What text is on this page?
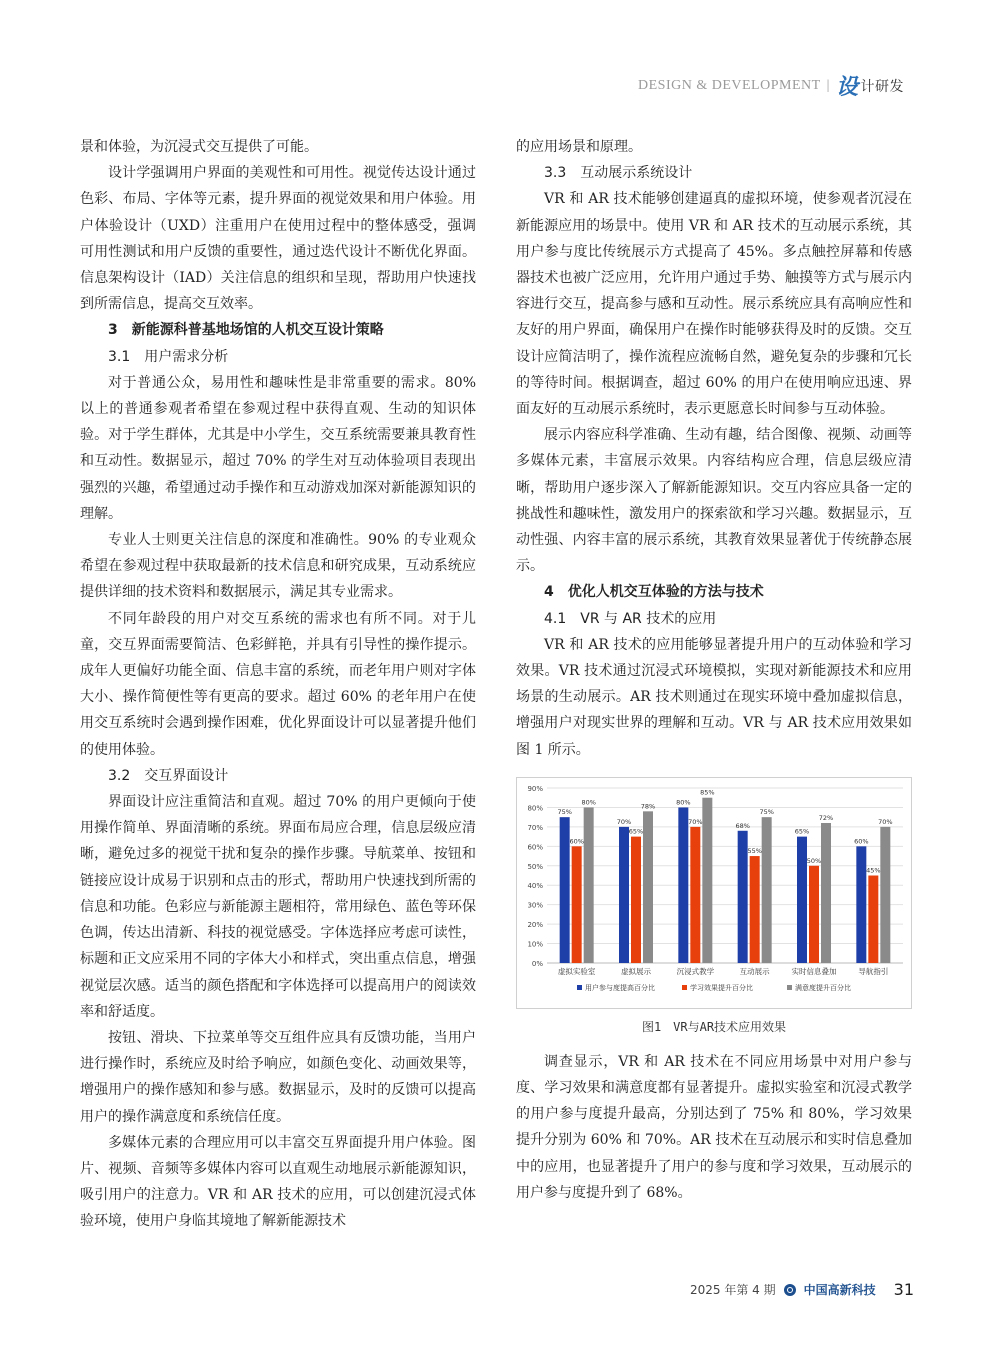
DESIGN & DEVELOPMENT | 设 计研发

景和体验，为沉浸式交互提供了可能。

设计学强调用户界面的美观性和可用性。视觉传达设计通过色彩、布局、字体等元素，提升界面的视觉效果和用户体验。用户体验设计（UXD）注重用户在使用过程中的整体感受，强调可用性测试和用户反馈的重要性，通过迭代设计不断优化界面。信息架构设计（IAD）关注信息的组织和呈现，帮助用户快速找到所需信息，提高交互效率。

3　新能源科普基地场馆的人机交互设计策略
3.1 用户需求分析

对于普通公众，易用性和趣味性是非常重要的需求。80% 以上的普通参观者希望在参观过程中获得直观、生动的知识体验。对于学生群体，尤其是中小学生，交互系统需要兼具教育性和互动性。数据显示，超过 70% 的学生对互动体验项目表现出强烈的兴趣，希望通过动手操作和互动游戏加深对新能源知识的理解。

专业人士则更关注信息的深度和准确性。90% 的专业观众希望在参观过程中获取最新的技术信息和研究成果，互动系统应提供详细的技术资料和数据展示，满足其专业需求。

不同年龄段的用户对交互系统的需求也有所不同。对于儿童，交互界面需要简洁、色彩鲜艳，并具有引导性的操作提示。成年人更偏好功能全面、信息丰富的系统，而老年用户则对字体大小、操作简便性等有更高的要求。超过 60% 的老年用户在使用交互系统时会遇到操作困难，优化界面设计可以显著提升他们的使用体验。

3.2 交互界面设计

界面设计应注重简洁和直观。超过 70% 的用户更倾向于使用操作简单、界面清晰的系统。界面布局应合理，信息层级应清晰，避免过多的视觉干扰和复杂的操作步骤。导航菜单、按钮和链接应设计成易于识别和点击的形式，帮助用户快速找到所需的信息和功能。色彩应与新能源主题相符，常用绿色、蓝色等环保色调，传达出清新、科技的视觉感受。字体选择应考虑可读性，标题和正文应采用不同的字体大小和样式，突出重点信息，增强视觉层次感。适当的颜色搭配和字体选择可以提高用户的阅读效率和舒适度。

按钮、滑块、下拉菜单等交互组件应具有反馈功能，当用户进行操作时，系统应及时给予响应，如颜色变化、动画效果等，增强用户的操作感知和参与感。数据显示，及时的反馈可以提高用户的操作满意度和系统信任度。

多媒体元素的合理应用可以丰富交互界面提升用户体验。图片、视频、音频等多媒体内容可以直观生动地展示新能源知识，吸引用户的注意力。VR 和 AR 技术的应用，可以创建沉浸式体验环境，使用户身临其境地了解新能源技术

的应用场景和原理。

3.3 互动展示系统设计

VR 和 AR 技术能够创建逼真的虚拟环境，使参观者沉浸在新能源应用的场景中。使用 VR 和 AR 技术的互动展示系统，其用户参与度比传统展示方式提高了 45%。多点触控屏幕和传感器技术也被广泛应用，允许用户通过手势、触摸等方式与展示内容进行交互，提高参与感和互动性。展示系统应具有高响应性和友好的用户界面，确保用户在操作时能够获得及时的反馈。交互设计应简洁明了，操作流程应流畅自然，避免复杂的步骤和冗长的等待时间。根据调查，超过 60% 的用户在使用响应迅速、界面友好的互动展示系统时，表示更愿意长时间参与互动体验。

展示内容应科学准确、生动有趣，结合图像、视频、动画等多媒体元素，丰富展示效果。内容结构应合理，信息层级应清晰，帮助用户逐步深入了解新能源知识。交互内容应具备一定的挑战性和趣味性，激发用户的探索欲和学习兴趣。数据显示，互动性强、内容丰富的展示系统，其教育效果显著优于传统静态展示。

4　优化人机交互体验的方法与技术
4.1 VR 与 AR 技术的应用

VR 和 AR 技术的应用能够显著提升用户的互动体验和学习效果。VR 技术通过沉浸式环境模拟，实现对新能源技术和应用场景的生动展示。AR 技术则通过在现实环境中叠加虚拟信息，增强用户对现实世界的理解和互动。VR 与 AR 技术应用效果如图 1 所示。

0%
10%
20%
30%
40%
50%
60%
70%
80%
90%
75%
60%
80%
虚拟实验室
70%
65%
78%
虚拟展示
80%
70%
85%
沉浸式教学
68%
55%
75%
互动展示
65%
50%
72%
实时信息叠加
60%
45%
70%
导航指引
用户参与度提高百分比	学习效果提升百分比	满意度提升百分比
图1　VR与AR技术应用效果

调查显示，VR 和 AR 技术在不同应用场景中对用户参与度、学习效果和满意度都有显著提升。虚拟实验室和沉浸式教学的用户参与度提升最高，分别达到了 75% 和 80%，学习效果提升分别为 60% 和 70%。AR 技术在互动展示和实时信息叠加中的应用，也显著提升了用户的参与度和学习效果，互动展示的用户参与度提升到了 68%。

2025 年第 4 期 中国高新科技 31
